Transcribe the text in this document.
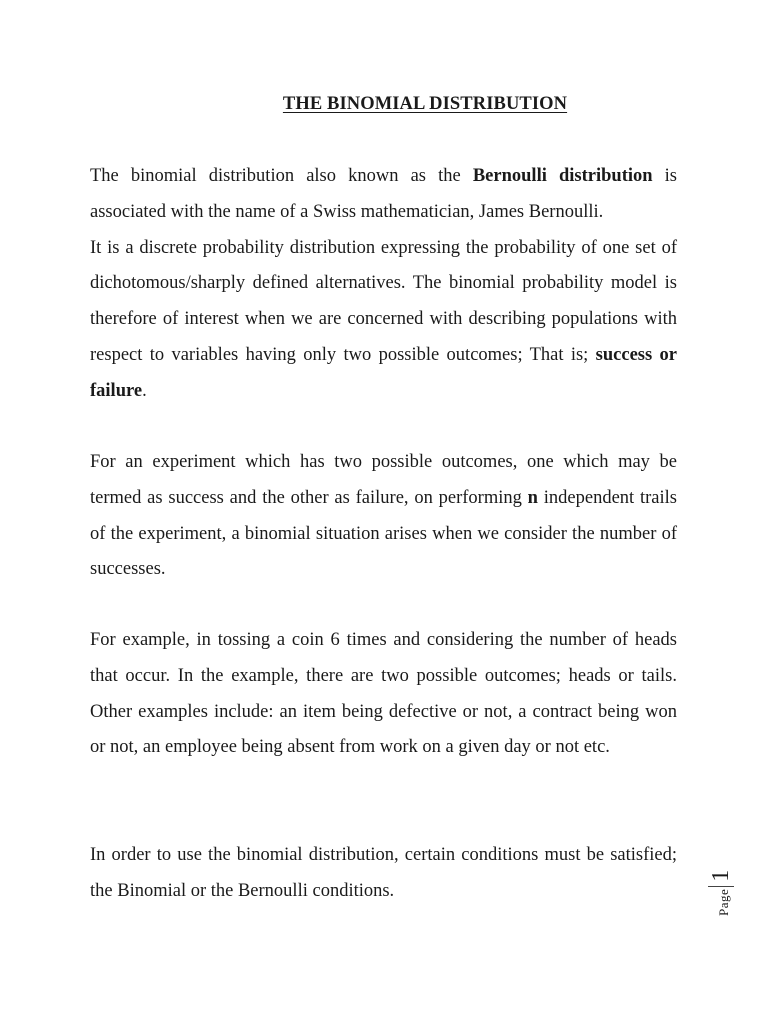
THE BINOMIAL DISTRIBUTION

The binomial distribution also known as the Bernoulli distribution is associated with the name of a Swiss mathematician, James Bernoulli.
It is a discrete probability distribution expressing the probability of one set of dichotomous/sharply defined alternatives. The binomial probability model is therefore of interest when we are concerned with describing populations with respect to variables having only two possible outcomes; That is; success or failure.

For an experiment which has two possible outcomes, one which may be termed as success and the other as failure, on performing n independent trails of the experiment, a binomial situation arises when we consider the number of successes.

For example, in tossing a coin 6 times and considering the number of heads that occur. In the example, there are two possible outcomes; heads or tails. Other examples include: an item being defective or not, a contract being won or not, an employee being absent from work on a given day or not etc.

In order to use the binomial distribution, certain conditions must be satisfied; the Binomial or the Bernoulli conditions.	Page1
